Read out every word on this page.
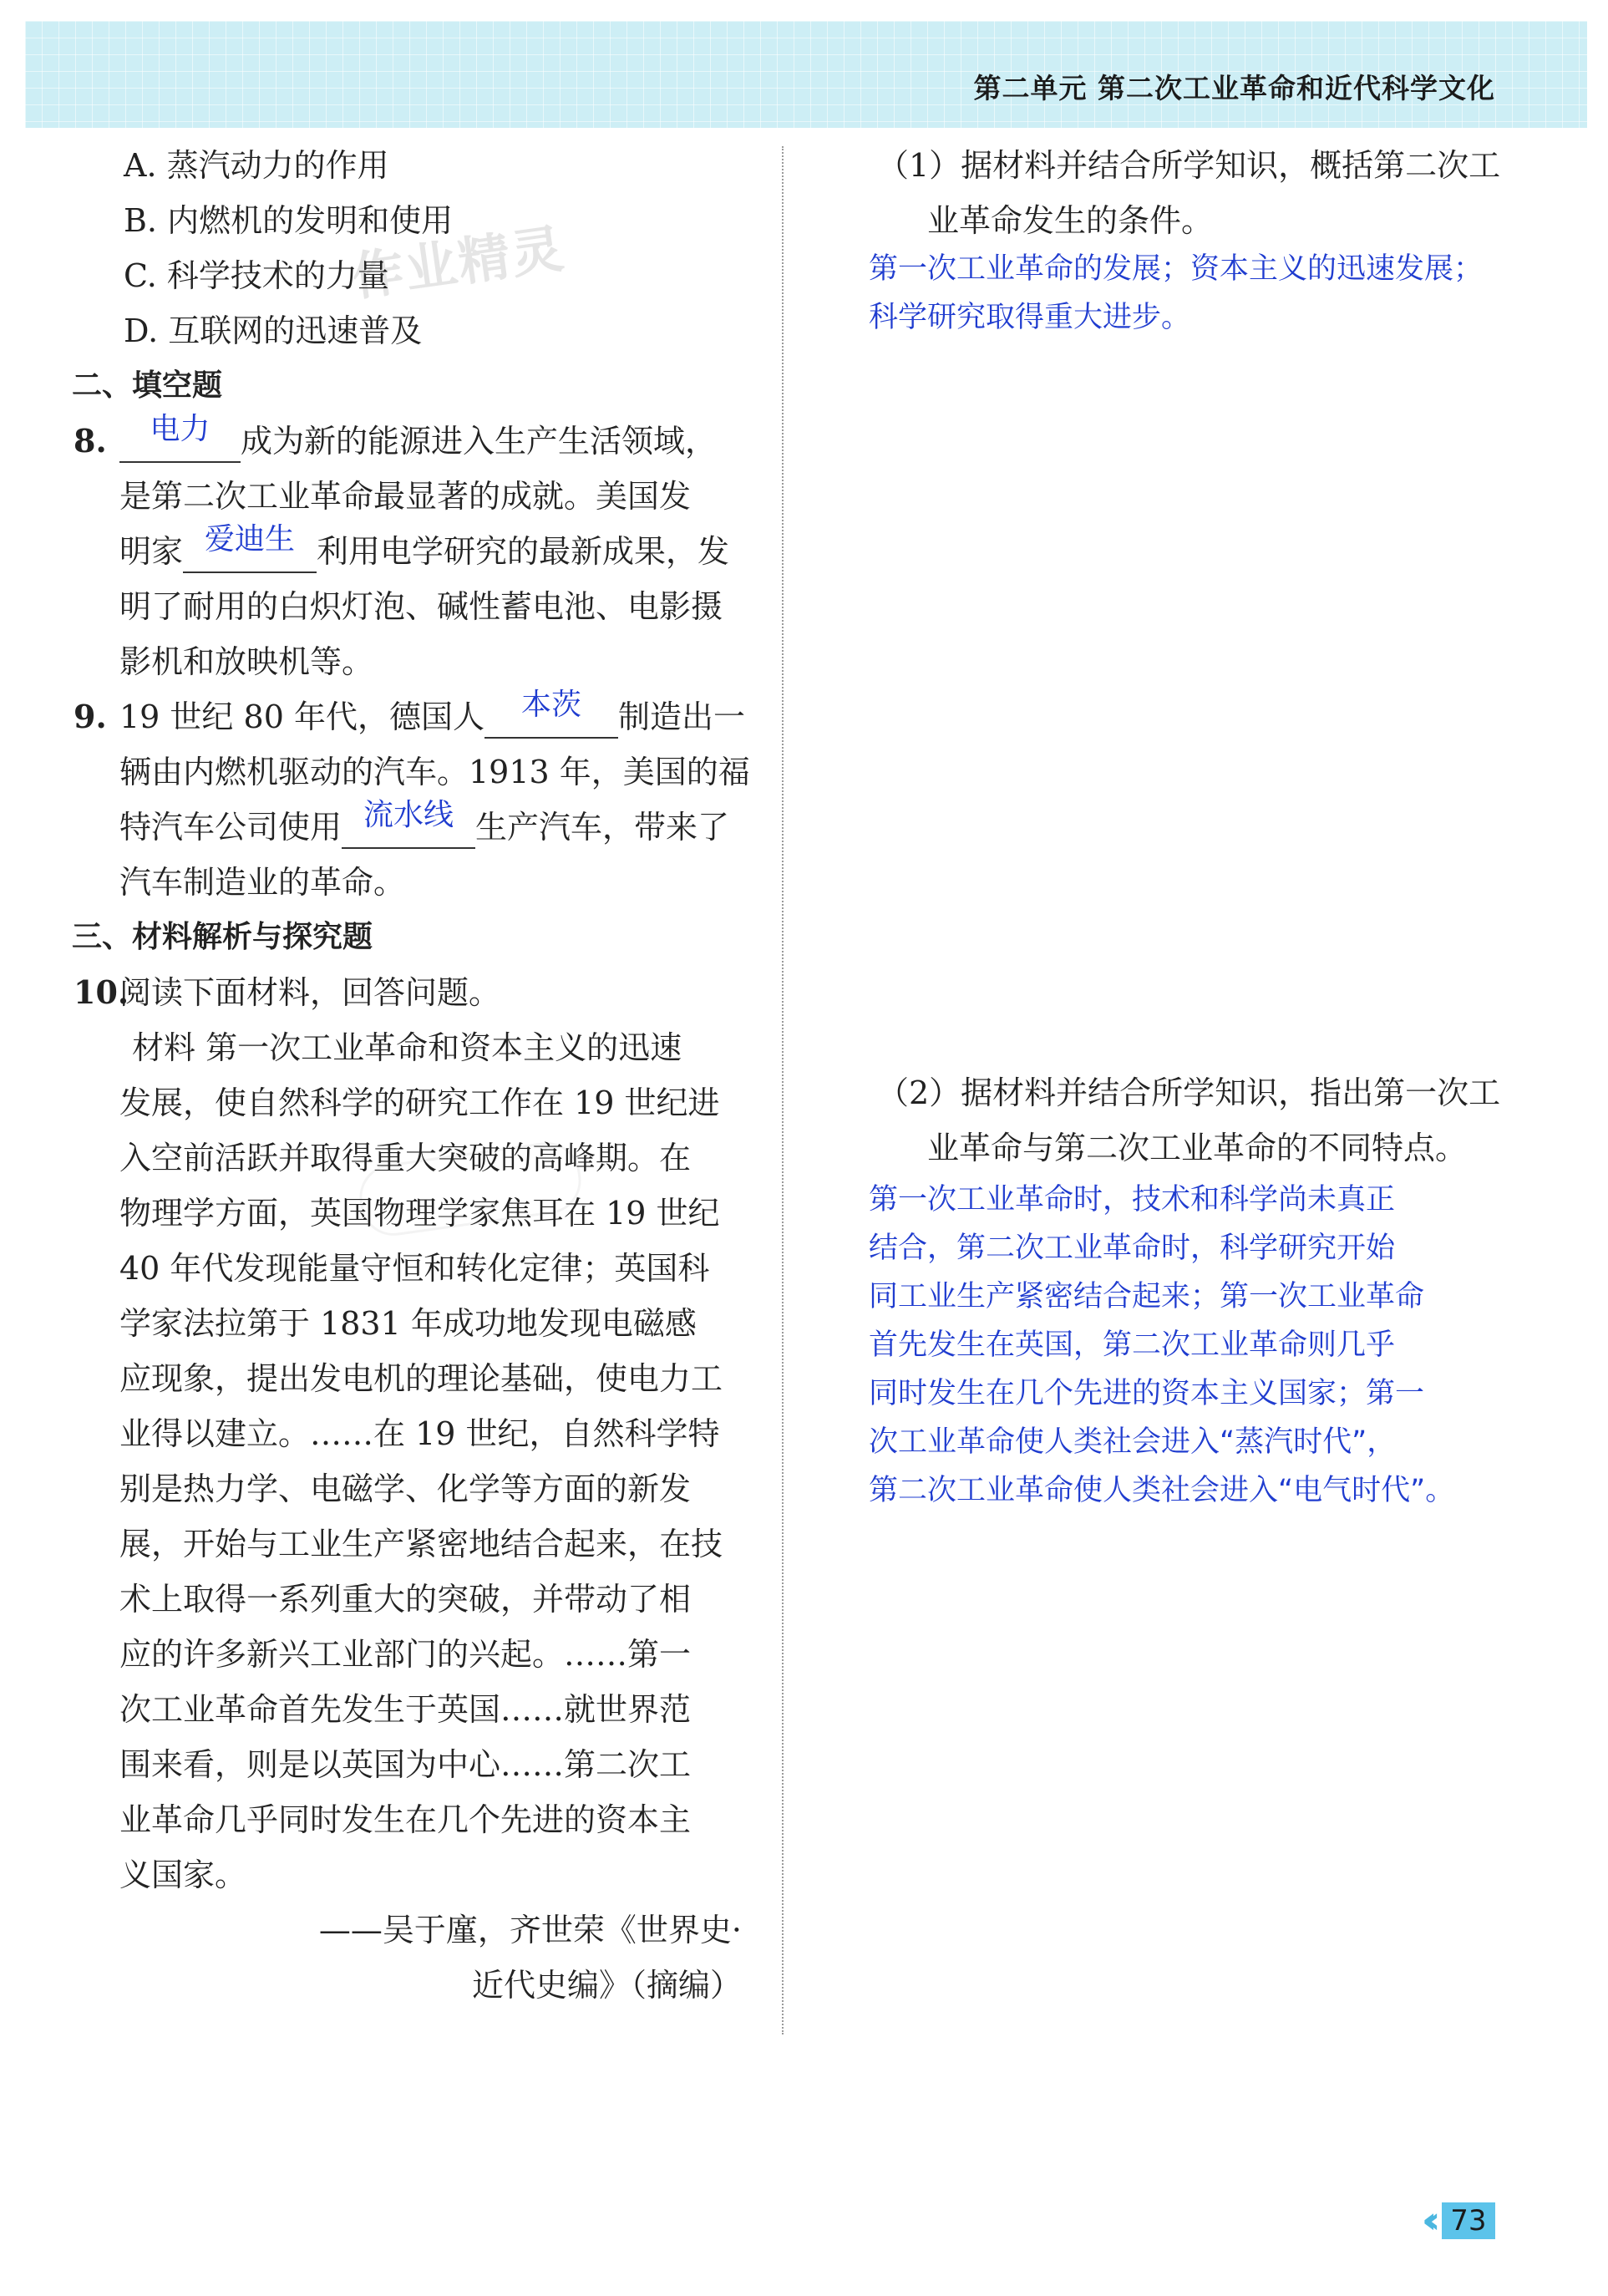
第二单元 第二次工业革命和近代科学文化
作业精灵
A. 蒸汽动力的作用
B. 内燃机的发明和使用
C. 科学技术的力量
D. 互联网的迅速普及
二、填空题
8. 电力 成为新的能源进入生产生活领域，
是第二次工业革命最显著的成就。美国发
明家 爱迪生 利用电学研究的最新成果，发
明了耐用的白炽灯泡、碱性蓄电池、电影摄
影机和放映机等。
9. 19 世纪 80 年代，德国人 本茨 制造出一
辆由内燃机驱动的汽车。1913 年，美国的福
特汽车公司使用 流水线 生产汽车，带来了
汽车制造业的革命。
三、材料解析与探究题
10.阅读下面材料，回答问题。
材料 第一次工业革命和资本主义的迅速
发展，使自然科学的研究工作在 19 世纪进
入空前活跃并取得重大突破的高峰期。在
物理学方面，英国物理学家焦耳在 19 世纪
40 年代发现能量守恒和转化定律；英国科
学家法拉第于 1831 年成功地发现电磁感
应现象，提出发电机的理论基础，使电力工
业得以建立。……在 19 世纪，自然科学特
别是热力学、电磁学、化学等方面的新发
展，开始与工业生产紧密地结合起来，在技
术上取得一系列重大的突破，并带动了相
应的许多新兴工业部门的兴起。……第一
次工业革命首先发生于英国……就世界范
围来看，则是以英国为中心……第二次工
业革命几乎同时发生在几个先进的资本主
义国家。
——吴于廑，齐世荣《世界史·
近代史编》（摘编）
（1）据材料并结合所学知识，概括第二次工
业革命发生的条件。
第一次工业革命的发展；资本主义的迅速发展；
科学研究取得重大进步。
（2）据材料并结合所学知识，指出第一次工
业革命与第二次工业革命的不同特点。
第一次工业革命时，技术和科学尚未真正
结合，第二次工业革命时，科学研究开始
同工业生产紧密结合起来；第一次工业革命
首先发生在英国，第二次工业革命则几乎
同时发生在几个先进的资本主义国家；第一
次工业革命使人类社会进入“蒸汽时代”，
第二次工业革命使人类社会进入“电气时代”。
‹‹ 73
